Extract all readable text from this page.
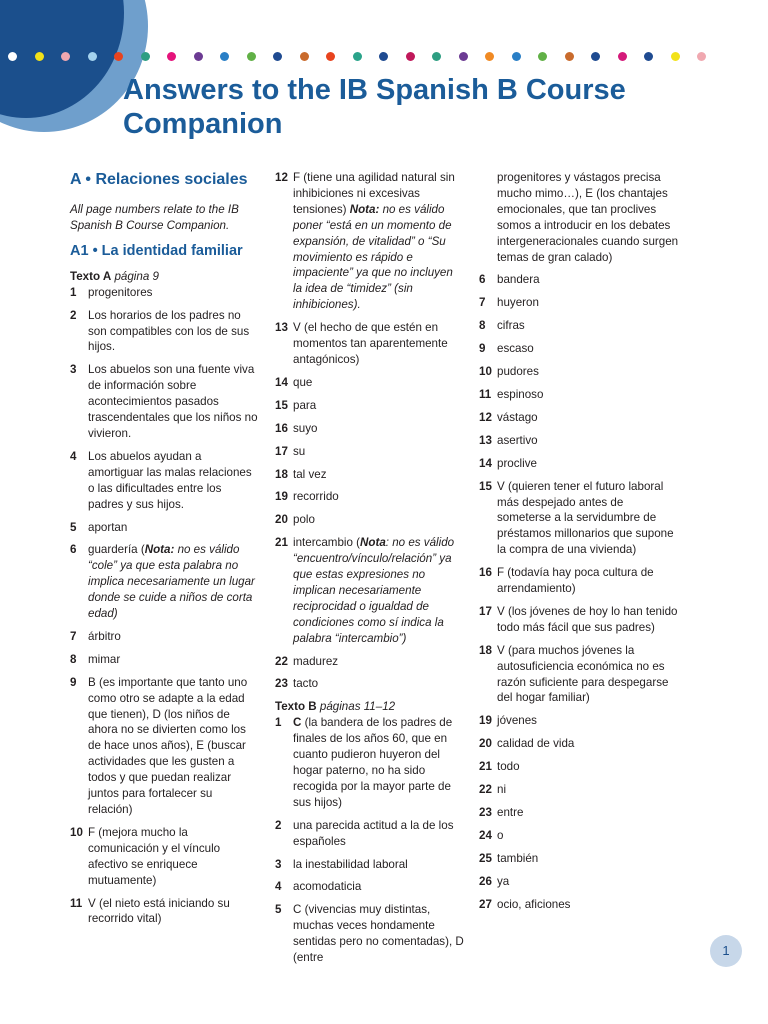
Answers to the IB Spanish B Course Companion
A • Relaciones sociales

All page numbers relate to the IB Spanish B Course Companion.

A1 • La identidad familiar

Texto A página 9

1 progenitores
2 Los horarios de los padres no son compatibles con los de sus hijos.
3 Los abuelos son una fuente viva de información sobre acontecimientos pasados trascendentales que los niños no vivieron.
4 Los abuelos ayudan a amortiguar las malas relaciones o las dificultades entre los padres y sus hijos.
5 aportan
6 guardería (Nota: no es válido “cole” ya que esta palabra no implica necesariamente un lugar donde se cuide a niños de corta edad)
7 árbitro
8 mimar
9 B (es importante que tanto uno como otro se adapte a la edad que tienen), D (los niños de ahora no se divierten como los de hace unos años), E (buscar actividades que les gusten a todos y que puedan realizar juntos para fortalecer su relación)
10 F (mejora mucho la comunicación y el vínculo afectivo se enriquece mutuamente)
11 V (el nieto está iniciando su recorrido vital)
12 F (tiene una agilidad natural sin inhibiciones ni excesivas tensiones) Nota: no es válido poner “está en un momento de expansión, de vitalidad” o “Su movimiento es rápido e impaciente” ya que no incluyen la idea de “timidez” (sin inhibiciones).
13 V (el hecho de que estén en momentos tan aparentemente antagónicos)
14 que
15 para
16 suyo
17 su
18 tal vez
19 recorrido
20 polo
21 intercambio (Nota: no es válido “encuentro/vínculo/relación” ya que estas expresiones no implican necesariamente reciprocidad o igualdad de condiciones como sí indica la palabra “intercambio”)
22 madurez
23 tacto

Texto B páginas 11–12

1 C (la bandera de los padres de finales de los años 60, que en cuanto pudieron huyeron del hogar paterno, no ha sido recogida por la mayor parte de sus hijos)
2 una parecida actitud a la de los españoles
3 la inestabilidad laboral
4 acomodaticia
5 C (vivencias muy distintas, muchas veces hondamente sentidas pero no comentadas), D (entre
progenitores y vástagos precisa mucho mimo…), E (los chantajes emocionales, que tan proclives somos a introducir en los debates intergeneracionales cuando surgen temas de gran calado)
6 bandera
7 huyeron
8 cifras
9 escaso
10 pudores
11 espinoso
12 vástago
13 asertivo
14 proclive
15 V (quieren tener el futuro laboral más despejado antes de someterse a la servidumbre de préstamos millonarios que supone la compra de una vivienda)
16 F (todavía hay poca cultura de arrendamiento)
17 V (los jóvenes de hoy lo han tenido todo más fácil que sus padres)
18 V (para muchos jóvenes la autosuficiencia económica no es razón suficiente para despegarse del hogar familiar)
19 jóvenes
20 calidad de vida
21 todo
22 ni
23 entre
24 o
25 también
26 ya
27 ocio, aficiones
1
